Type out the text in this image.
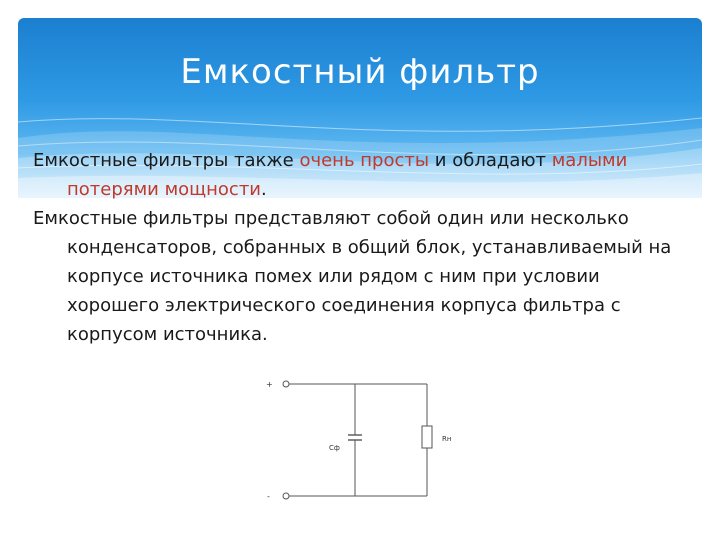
Емкостный фильтр

Емкостные фильтры также очень просты и обладают малыми потерями мощности.

Емкостные фильтры представляют собой один или несколько конденсаторов, собранных в общий блок, устанавливаемый на корпусе источника помех или рядом с ним при условии хорошего электрического соединения корпуса фильтра с корпусом источника.

+
Cф
Rн
-
